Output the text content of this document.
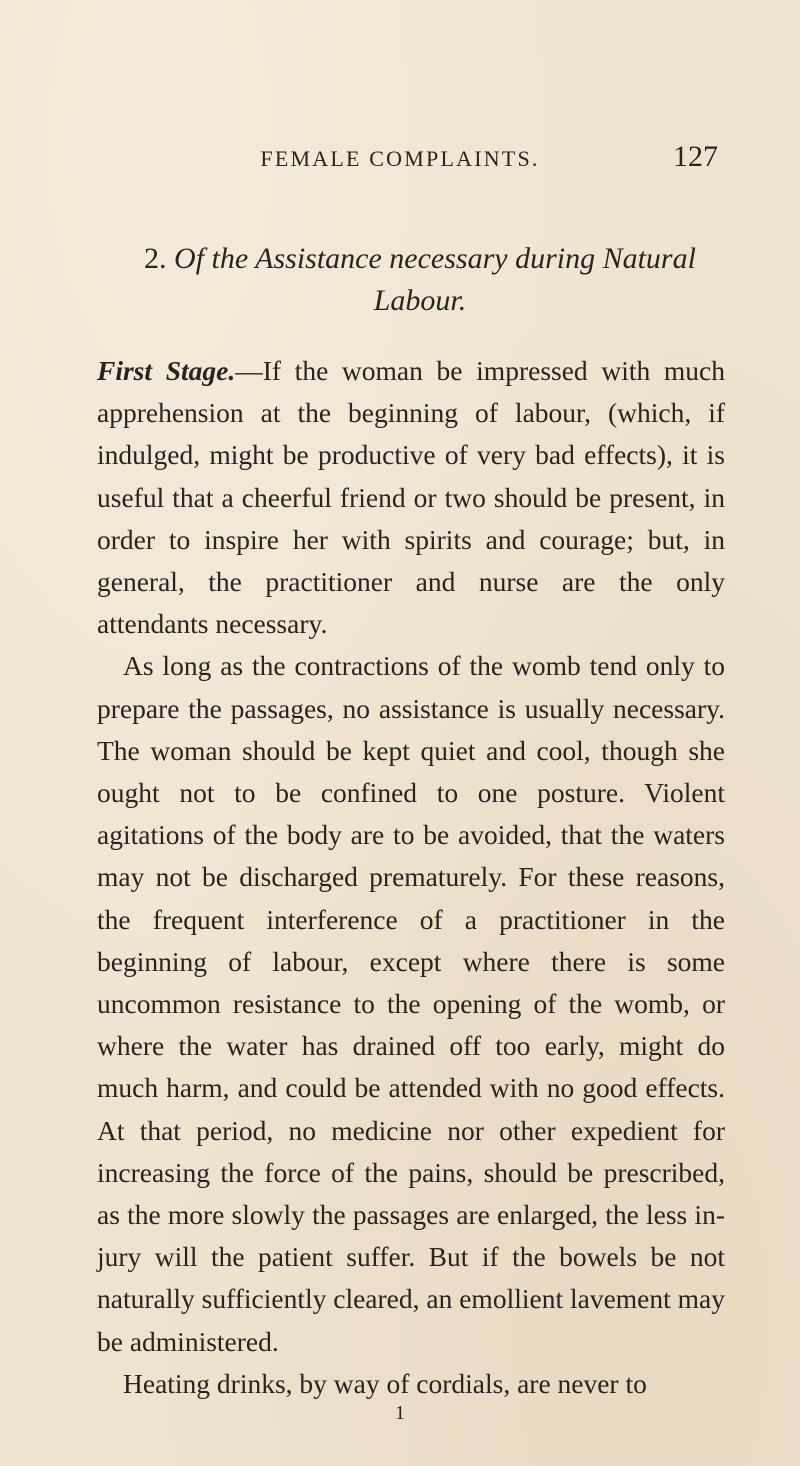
FEMALE COMPLAINTS.	127
2. Of the Assistance necessary during Natural Labour.

First Stage.—If the woman be impressed with much apprehension at the beginning of labour, (which, if indulged, might be productive of very bad effects), it is useful that a cheerful friend or two should be present, in order to inspire her with spirits and courage; but, in general, the practitioner and nurse are the only attendants necessary.

As long as the contractions of the womb tend only to prepare the passages, no assistance is usually necessary. The woman should be kept quiet and cool, though she ought not to be confined to one posture. Violent agitations of the body are to be avoided, that the waters may not be discharged prematurely. For these reasons, the frequent interference of a practitioner in the beginning of labour, except where there is some uncommon resistance to the opening of the womb, or where the water has drained off too early, might do much harm, and could be attended with no good effects. At that period, no medicine nor other expedient for increasing the force of the pains, should be prescribed, as the more slowly the passages are enlarged, the less injury will the patient suffer. But if the bowels be not naturally sufficiently cleared, an emollient lavement may be administered.

Heating drinks, by way of cordials, are never to

1
